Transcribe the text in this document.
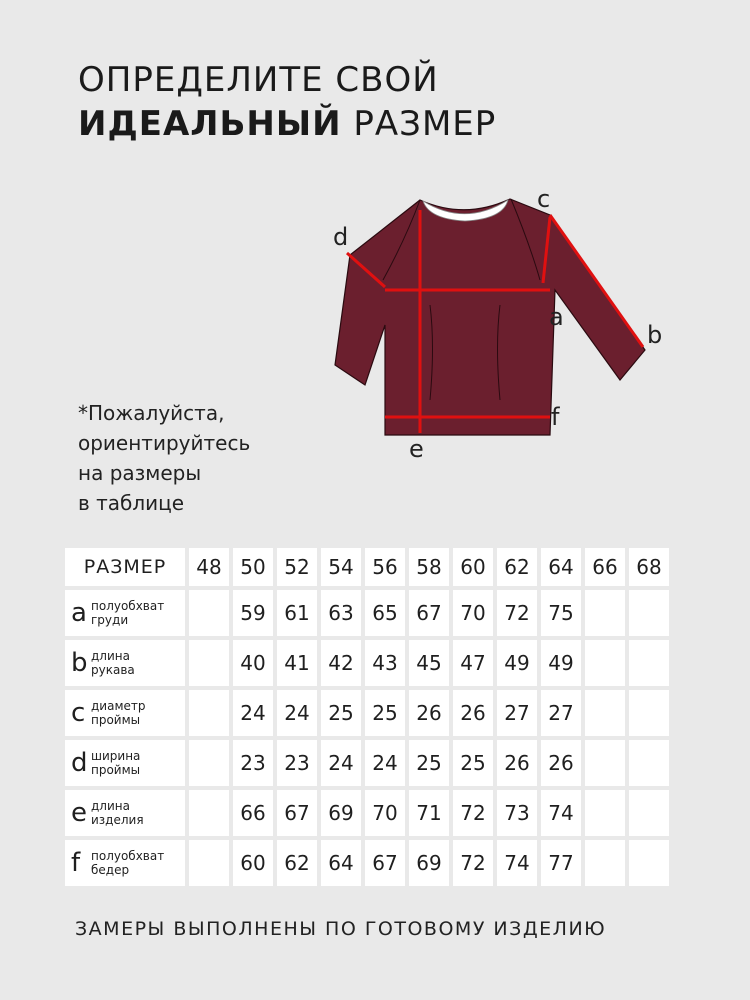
ОПРЕДЕЛИТЕ СВОЙ
ИДЕАЛЬНЫЙ РАЗМЕР
*Пожалуйста,
ориентируйтесь
на размеры
в таблице
c
d
a
b
f
e
РАЗМЕР	48	50	52	54	56	58	60	62	64	66	68
a полуобхват
груди		59	61	63	65	67	70	72	75		
b длина
рукава		40	41	42	43	45	47	49	49		
c диаметр
проймы		24	24	25	25	26	26	27	27		
d ширина
проймы		23	23	24	24	25	25	26	26		
e длина
изделия		66	67	69	70	71	72	73	74		
f полуобхват
бедер		60	62	64	67	69	72	74	77		
ЗАМЕРЫ ВЫПОЛНЕНЫ ПО ГОТОВОМУ ИЗДЕЛИЮ
